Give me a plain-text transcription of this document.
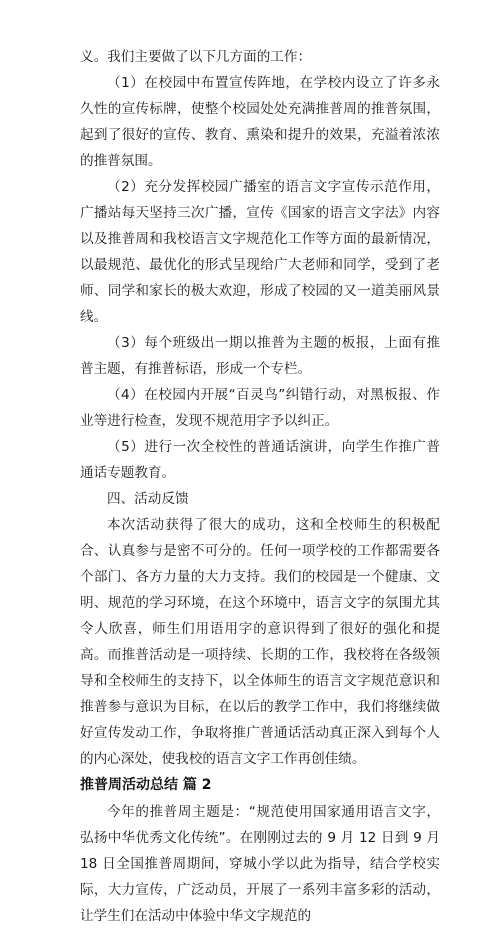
义。我们主要做了以下几方面的工作：

（1）在校园中布置宣传阵地，在学校内设立了许多永久性的宣传标牌，使整个校园处处充满推普周的推普氛围，起到了很好的宣传、教育、熏染和提升的效果，充溢着浓浓的推普氛围。

（2）充分发挥校园广播室的语言文字宣传示范作用，广播站每天坚持三次广播，宣传《国家的语言文字法》内容以及推普周和我校语言文字规范化工作等方面的最新情况，以最规范、最优化的形式呈现给广大老师和同学，受到了老师、同学和家长的极大欢迎，形成了校园的又一道美丽风景线。

（3）每个班级出一期以推普为主题的板报，上面有推普主题，有推普标语，形成一个专栏。

（4）在校园内开展“百灵鸟”纠错行动，对黑板报、作业等进行检查，发现不规范用字予以纠正。

（5）进行一次全校性的普通话演讲，向学生作推广普通话专题教育。

四、活动反馈

本次活动获得了很大的成功，这和全校师生的积极配合、认真参与是密不可分的。任何一项学校的工作都需要各个部门、各方力量的大力支持。我们的校园是一个健康、文明、规范的学习环境，在这个环境中，语言文字的氛围尤其令人欣喜，师生们用语用字的意识得到了很好的强化和提高。而推普活动是一项持续、长期的工作，我校将在各级领导和全校师生的支持下，以全体师生的语言文字规范意识和推普参与意识为目标，在以后的教学工作中，我们将继续做好宣传发动工作，争取将推广普通话活动真正深入到每个人的内心深处，使我校的语言文字工作再创佳绩。

推普周活动总结 篇 2

今年的推普周主题是：“规范使用国家通用语言文字，弘扬中华优秀文化传统”。在刚刚过去的 9 月 12 日到 9 月 18 日全国推普周期间，穿城小学以此为指导，结合学校实际，大力宣传，广泛动员，开展了一系列丰富多彩的活动，让学生们在活动中体验中华文字规范的
